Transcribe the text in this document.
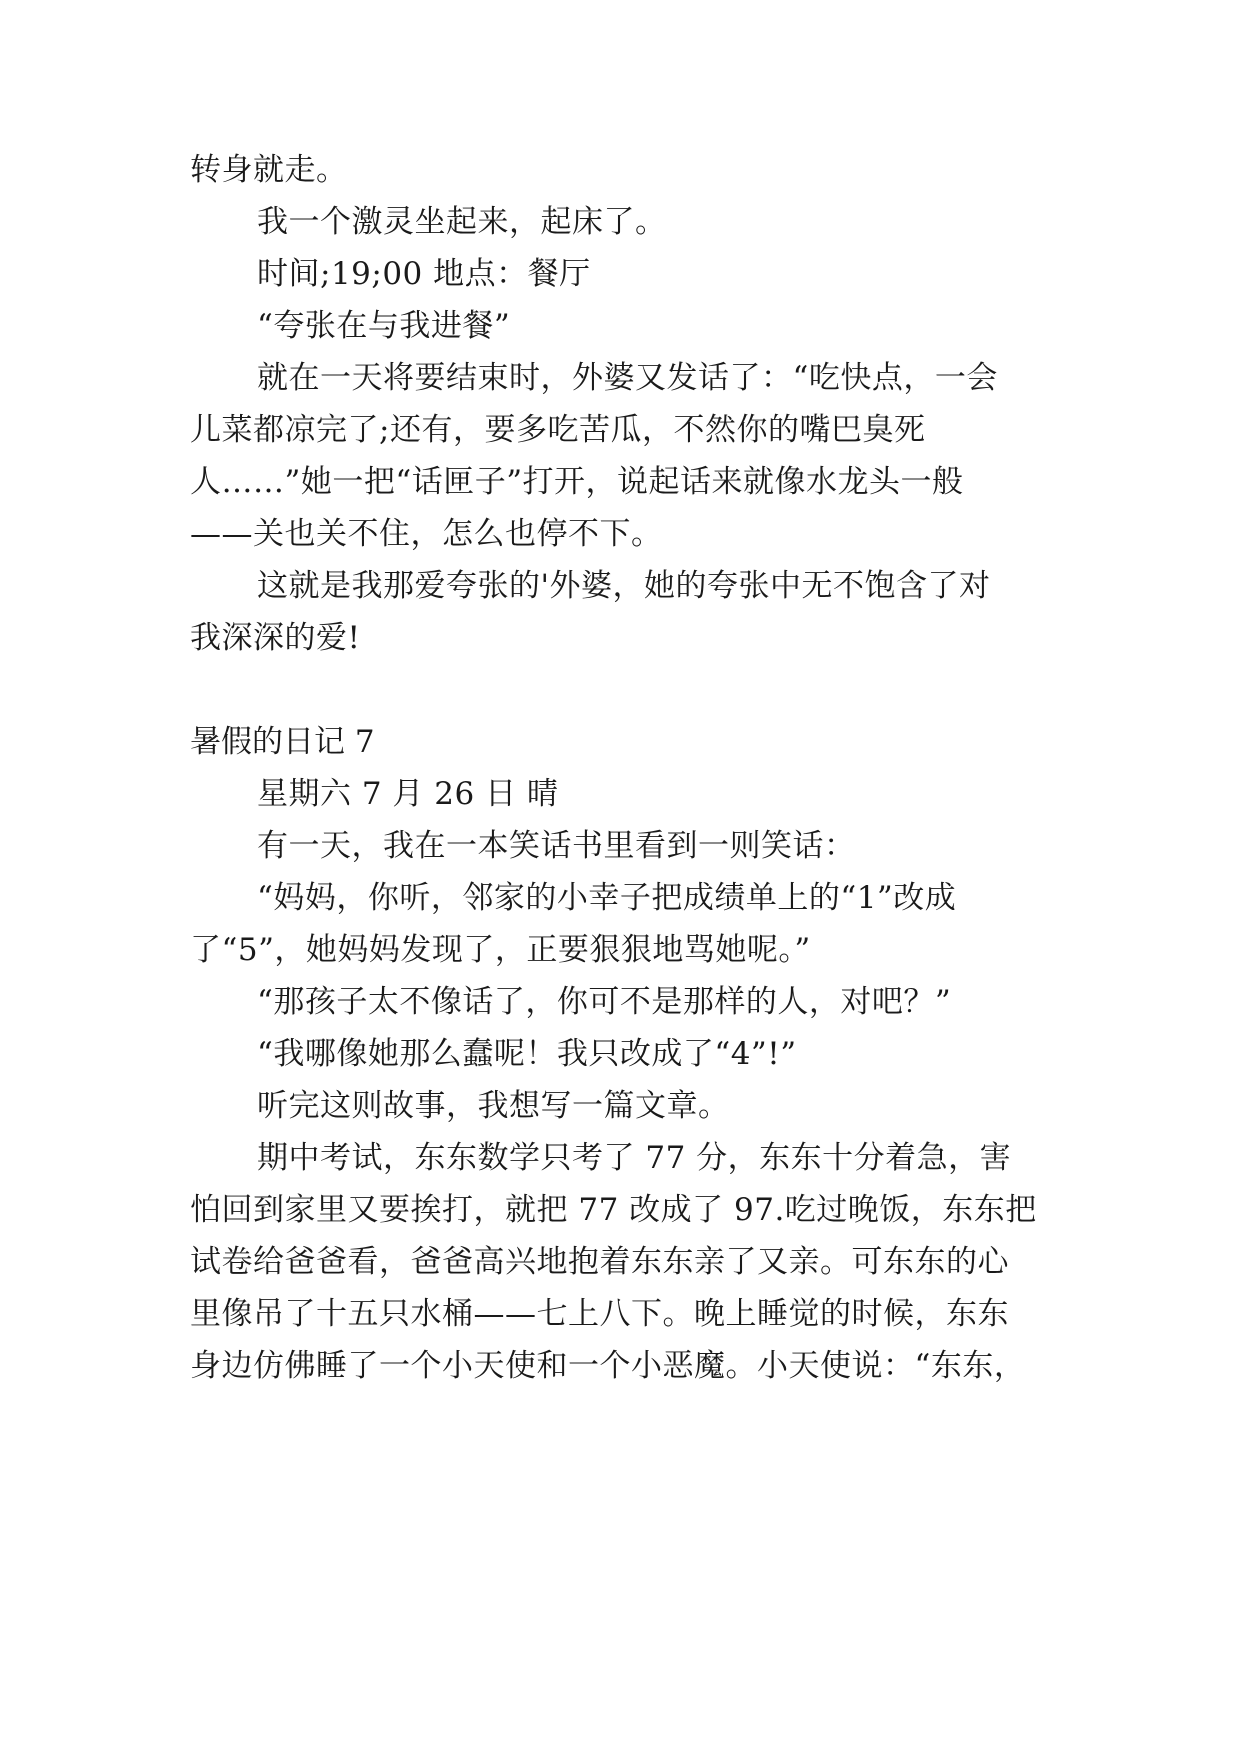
转身就走。
我一个激灵坐起来，起床了。
时间;19;00 地点：餐厅
“夸张在与我进餐”
就在一天将要结束时，外婆又发话了：“吃快点，一会
儿菜都凉完了;还有，要多吃苦瓜，不然你的嘴巴臭死
人……”她一把“话匣子”打开，说起话来就像水龙头一般
——关也关不住，怎么也停不下。
这就是我那爱夸张的'外婆，她的夸张中无不饱含了对
我深深的爱!
暑假的日记 7
星期六 7 月 26 日 晴
有一天，我在一本笑话书里看到一则笑话：
“妈妈，你听，邻家的小幸子把成绩单上的“1”改成
了“5”，她妈妈发现了，正要狠狠地骂她呢。”
“那孩子太不像话了，你可不是那样的人，对吧？”
“我哪像她那么蠢呢！我只改成了“4”!”
听完这则故事，我想写一篇文章。
期中考试，东东数学只考了 77 分，东东十分着急，害
怕回到家里又要挨打，就把 77 改成了 97.吃过晚饭，东东把
试卷给爸爸看，爸爸高兴地抱着东东亲了又亲。可东东的心
里像吊了十五只水桶——七上八下。晚上睡觉的时候，东东
身边仿佛睡了一个小天使和一个小恶魔。小天使说：“东东，
